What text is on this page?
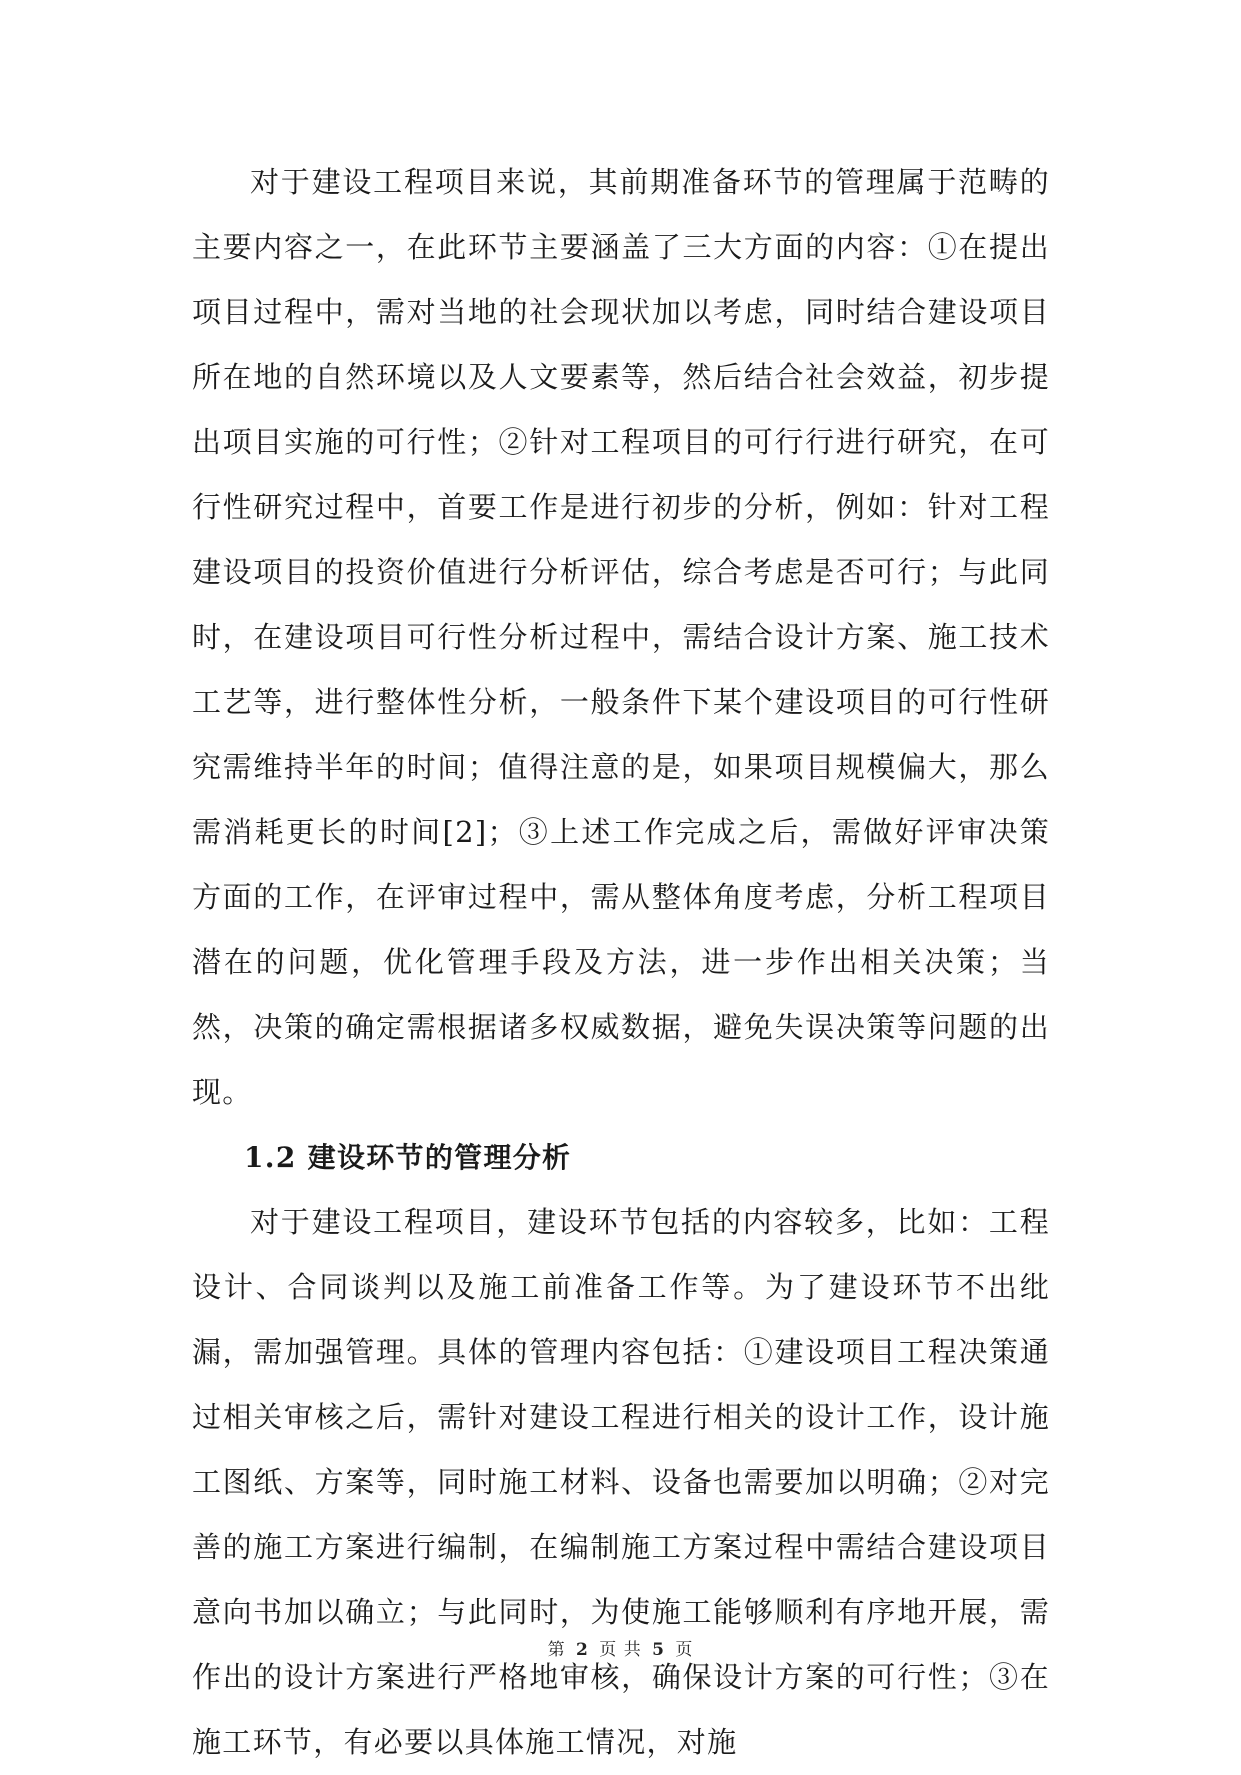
对于建设工程项目来说，其前期准备环节的管理属于范畴的主要内容之一，在此环节主要涵盖了三大方面的内容：①在提出项目过程中，需对当地的社会现状加以考虑，同时结合建设项目所在地的自然环境以及人文要素等，然后结合社会效益，初步提出项目实施的可行性；②针对工程项目的可行行进行研究，在可行性研究过程中，首要工作是进行初步的分析，例如：针对工程建设项目的投资价值进行分析评估，综合考虑是否可行；与此同时，在建设项目可行性分析过程中，需结合设计方案、施工技术工艺等，进行整体性分析，一般条件下某个建设项目的可行性研究需维持半年的时间；值得注意的是，如果项目规模偏大，那么需消耗更长的时间[2]；③上述工作完成之后，需做好评审决策方面的工作，在评审过程中，需从整体角度考虑，分析工程项目潜在的问题，优化管理手段及方法，进一步作出相关决策；当然，决策的确定需根据诸多权威数据，避免失误决策等问题的出现。

1.2 建设环节的管理分析

对于建设工程项目，建设环节包括的内容较多，比如：工程设计、合同谈判以及施工前准备工作等。为了建设环节不出纰漏，需加强管理。具体的管理内容包括：①建设项目工程决策通过相关审核之后，需针对建设工程进行相关的设计工作，设计施工图纸、方案等，同时施工材料、设备也需要加以明确；②对完善的施工方案进行编制，在编制施工方案过程中需结合建设项目意向书加以确立；与此同时，为使施工能够顺利有序地开展，需作出的设计方案进行严格地审核，确保设计方案的可行性；③在施工环节，有必要以具体施工情况，对施

第 2 页 共 5 页
